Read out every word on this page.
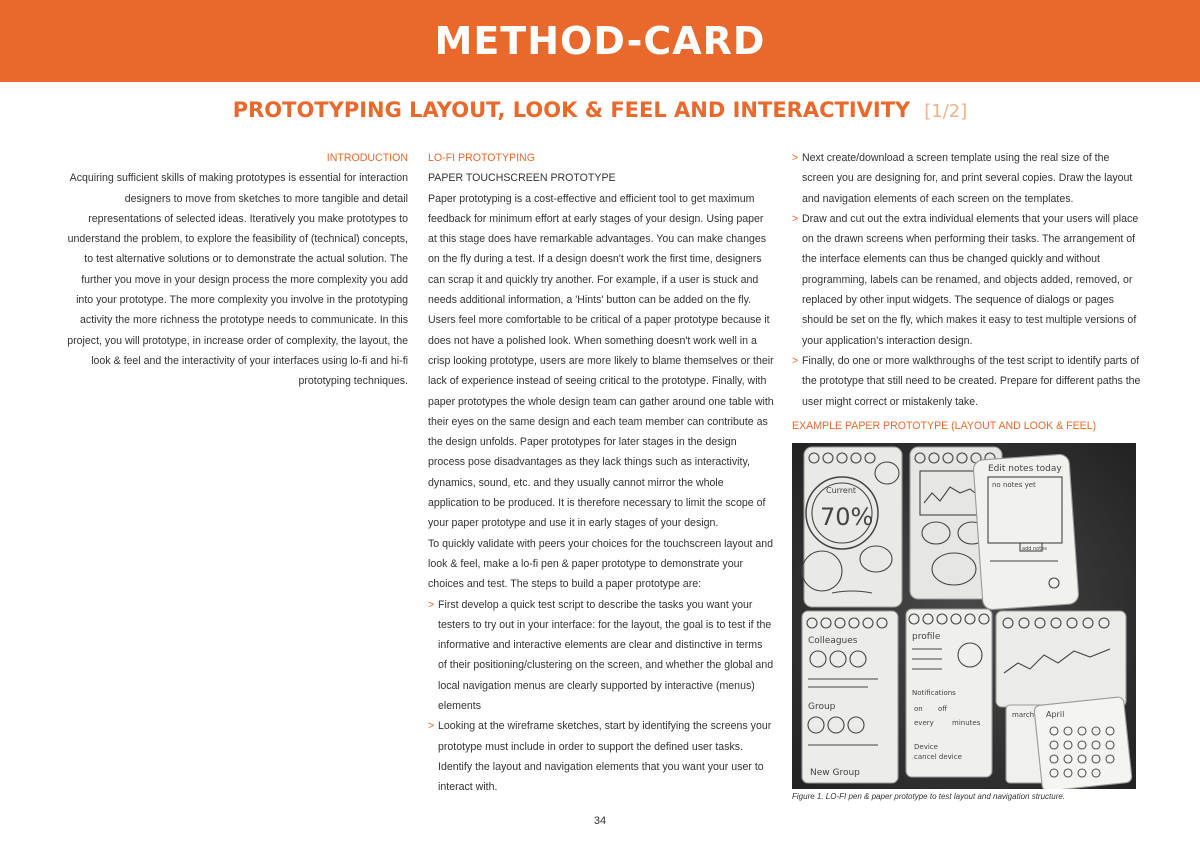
METHOD-CARD
PROTOTYPING LAYOUT, LOOK & FEEL AND INTERACTIVITY [1/2]

INTRODUCTION

Acquiring sufficient skills of making prototypes is essential for interaction designers to move from sketches to more tangible and detail representations of selected ideas. Iteratively you make prototypes to understand the problem, to explore the feasibility of (technical) concepts, to test alternative solutions or to demonstrate the actual solution. The further you move in your design process the more complexity you add into your prototype. The more complexity you involve in the prototyping activity the more richness the prototype needs to communicate. In this project, you will prototype, in increase order of complexity, the layout, the look & feel and the interactivity of your interfaces using lo-fi and hi-fi prototyping techniques.

LO-FI PROTOTYPING

PAPER TOUCHSCREEN PROTOTYPE

Paper prototyping is a cost-effective and efficient tool to get maximum feedback for minimum effort at early stages of your design. Using paper at this stage does have remarkable advantages. You can make changes on the fly during a test. If a design doesn't work the first time, designers can scrap it and quickly try another. For example, if a user is stuck and needs additional information, a 'Hints' button can be added on the fly. Users feel more comfortable to be critical of a paper prototype because it does not have a polished look. When something doesn't work well in a crisp looking prototype, users are more likely to blame themselves or their lack of experience instead of seeing critical to the prototype. Finally, with paper prototypes the whole design team can gather around one table with their eyes on the same design and each team member can contribute as the design unfolds. Paper prototypes for later stages in the design process pose disadvantages as they lack things such as interactivity, dynamics, sound, etc. and they usually cannot mirror the whole application to be produced. It is therefore necessary to limit the scope of your paper prototype and use it in early stages of your design.

To quickly validate with peers your choices for the touchscreen layout and look & feel, make a lo-fi pen & paper prototype to demonstrate your choices and test. The steps to build a paper prototype are:

> First develop a quick test script to describe the tasks you want your testers to try out in your interface: for the layout, the goal is to test if the informative and interactive elements are clear and distinctive in terms of their positioning/clustering on the screen, and whether the global and local navigation menus are clearly supported by interactive (menus) elements

> Looking at the wireframe sketches, start by identifying the screens your prototype must include in order to support the defined user tasks. Identify the layout and navigation elements that you want your user to interact with.

> Next create/download a screen template using the real size of the screen you are designing for, and print several copies. Draw the layout and navigation elements of each screen on the templates.

> Draw and cut out the extra individual elements that your users will place on the drawn screens when performing their tasks. The arrangement of the interface elements can thus be changed quickly and without programming, labels can be renamed, and objects added, removed, or replaced by other input widgets. The sequence of dialogs or pages should be set on the fly, which makes it easy to test multiple versions of your application's interaction design.

> Finally, do one or more walkthroughs of the test script to identify parts of the prototype that still need to be created. Prepare for different paths the user might correct or mistakenly take.

EXAMPLE PAPER PROTOTYPE (LAYOUT AND LOOK & FEEL)

Current
70%
Edit notes today
no notes yet
add notes
Colleagues
Group
New Group
profile
Notifications
on off
every	minutes
Device
cancel device
march April
Figure 1. LO-FI pen & paper prototype to test layout and navigation structure.
34
